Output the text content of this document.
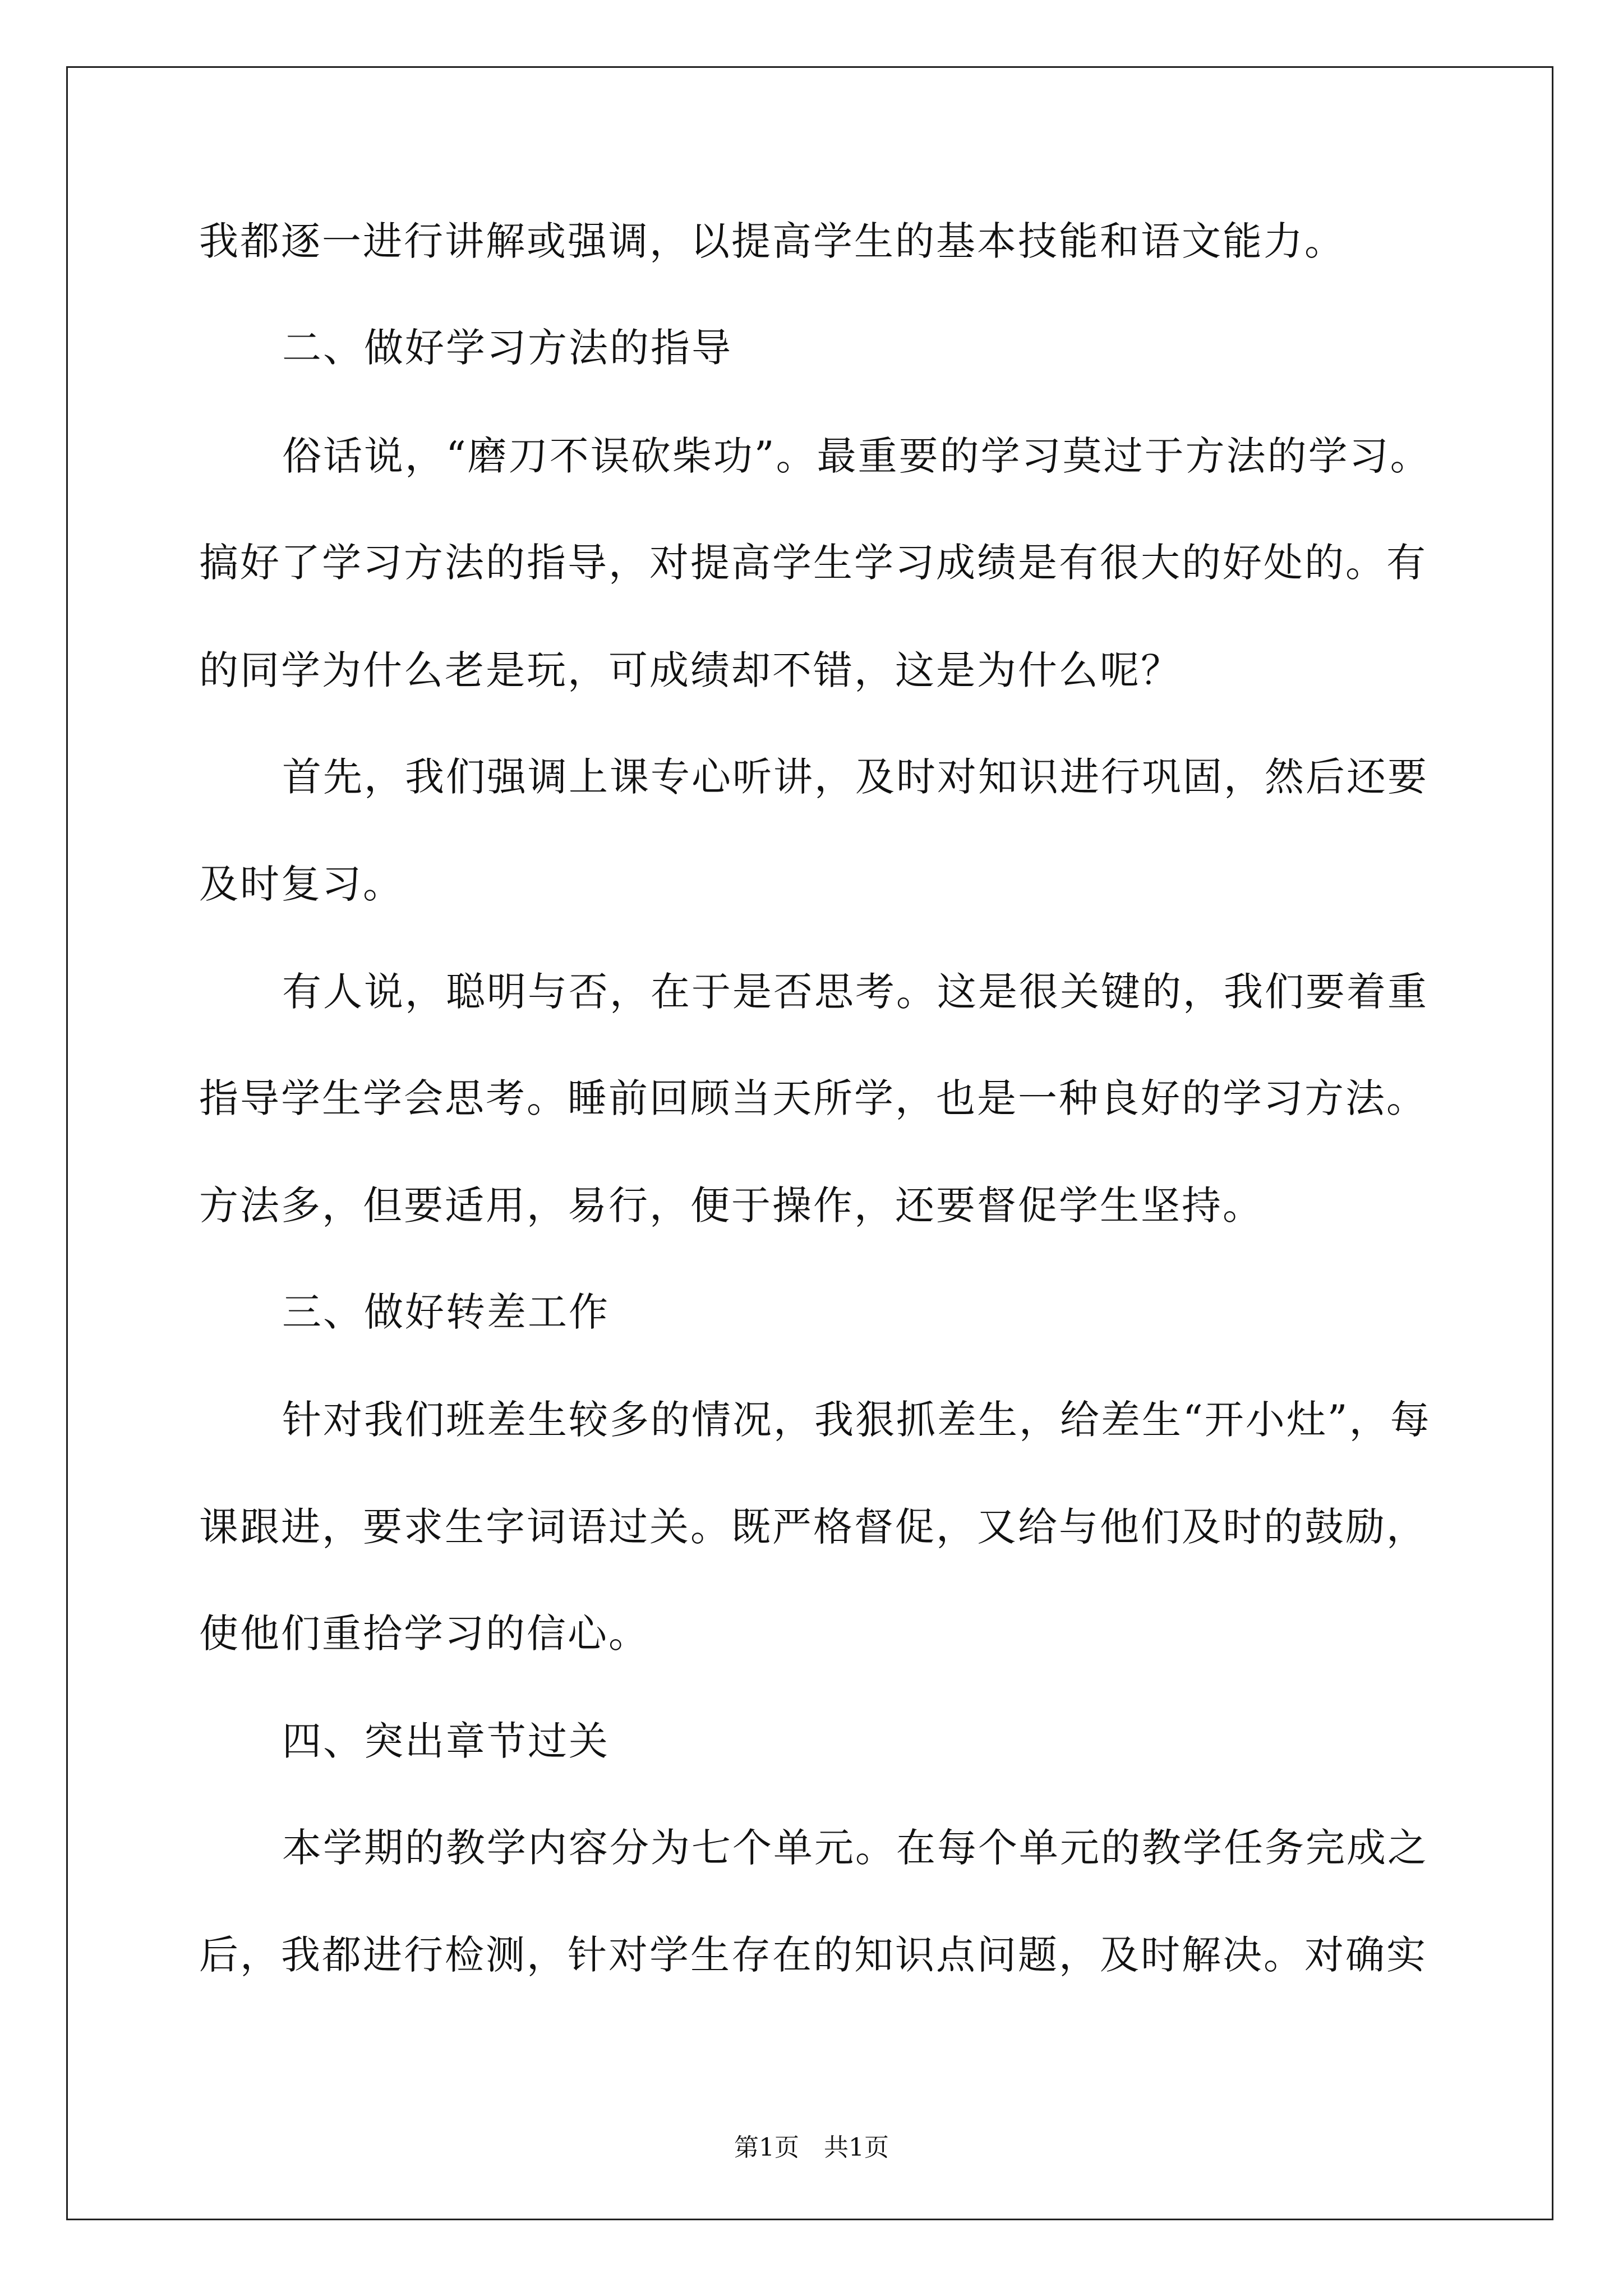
我都逐一进行讲解或强调，以提高学生的基本技能和语文能力。
二、做好学习方法的指导
俗话说，“磨刀不误砍柴功”。最重要的学习莫过于方法的学习。
搞好了学习方法的指导，对提高学生学习成绩是有很大的好处的。有
的同学为什么老是玩，可成绩却不错，这是为什么呢？
首先，我们强调上课专心听讲，及时对知识进行巩固，然后还要
及时复习。
有人说，聪明与否，在于是否思考。这是很关键的，我们要着重
指导学生学会思考。睡前回顾当天所学，也是一种良好的学习方法。
方法多，但要适用，易行，便于操作，还要督促学生坚持。
三、做好转差工作
针对我们班差生较多的情况，我狠抓差生，给差生“开小灶”，每
课跟进，要求生字词语过关。既严格督促，又给与他们及时的鼓励，
使他们重拾学习的信心。
四、突出章节过关
本学期的教学内容分为七个单元。在每个单元的教学任务完成之
后，我都进行检测，针对学生存在的知识点问题，及时解决。对确实
第1页　共1页
